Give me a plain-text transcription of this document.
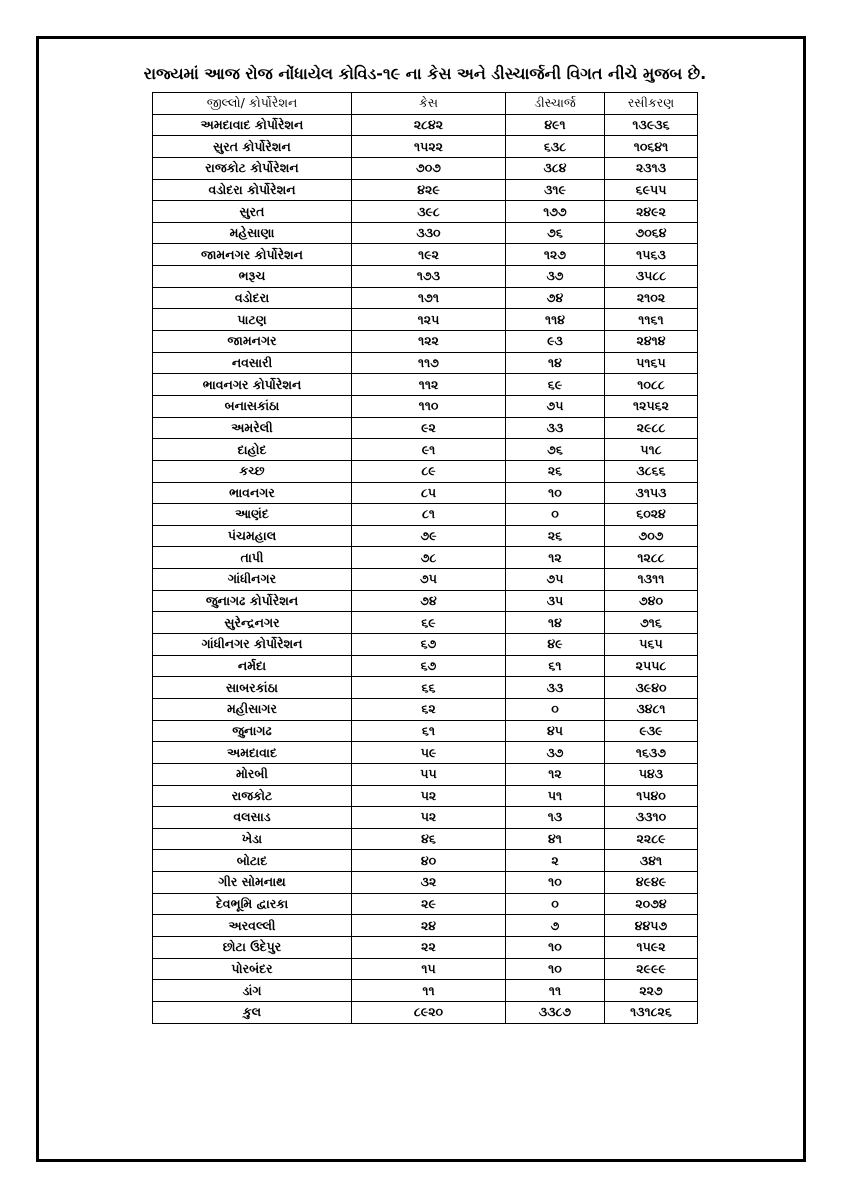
રાજ્યમાં આજ રોજ નોંધાયેલ કોવિડ-૧૯ ના કેસ અને ડીસ્ચાર્જની વિગત નીચે મુજબ છે.
જીલ્લો/ કોર્પોરેશન	કેસ	ડીસ્ચાર્જ	રસીકરણ
અમદાવાદ કોર્પોરેશન	૨૮૪૨	૪૯૧	૧૩૯૩૬
સુરત કોર્પોરેશન	૧૫૨૨	૬૩૮	૧૦૬૪૧
રાજકોટ કોર્પોરેશન	૭૦૭	૩૮૪	૨૩૧૩
વડોદરા કોર્પોરેશન	૪૨૯	૩૧૯	૬૯૫૫
સુરત	૩૯૮	૧૭૭	૨૪૯૨
મહેસાણા	૩૩૦	૭૬	૭૦૬૪
જામનગર કોર્પોરેશન	૧૯૨	૧૨૭	૧૫૬૩
ભરૂચ	૧૭૩	૩૭	૩૫૮૮
વડોદરા	૧૭૧	૭૪	૨૧૦૨
પાટણ	૧૨૫	૧૧૪	૧૧૬૧
જામનગર	૧૨૨	૯૩	૨૪૧૪
નવસારી	૧૧૭	૧૪	૫૧૬૫
ભાવનગર કોર્પોરેશન	૧૧૨	૬૯	૧૦૮૮
બનાસકાંઠા	૧૧૦	૭૫	૧૨૫૬૨
અમરેલી	૯૨	૩૩	૨૯૮૮
દાહોદ	૯૧	૭૬	૫૧૮
કચ્છ	૮૯	૨૬	૩૮૬૬
ભાવનગર	૮૫	૧૦	૩૧૫૩
આણંદ	૮૧	૦	૬૦૨૪
પંચમહાલ	૭૯	૨૬	૭૦૭
તાપી	૭૮	૧૨	૧૨૮૮
ગાંધીનગર	૭૫	૭૫	૧૩૧૧
જુનાગઢ કોર્પોરેશન	૭૪	૩૫	૭૪૦
સુરેન્દ્રનગર	૬૯	૧૪	૭૧૬
ગાંધીનગર કોર્પોરેશન	૬૭	૪૯	૫૬૫
નર્મદા	૬૭	૬૧	૨૫૫૮
સાબરકાંઠા	૬૬	૩૩	૩૯૪૦
મહીસાગર	૬૨	૦	૩૪૮૧
જુનાગઢ	૬૧	૪૫	૯૩૯
અમદાવાદ	૫૯	૩૭	૧૬૩૭
મોરબી	૫૫	૧૨	૫૪૩
રાજકોટ	૫૨	૫૧	૧૫૪૦
વલસાડ	૫૨	૧૩	૩૩૧૦
ખેડા	૪૬	૪૧	૨૨૮૯
બોટાદ	૪૦	૨	૩૪૧
ગીર સોમનાથ	૩૨	૧૦	૪૯૪૯
દેવભૂમિ દ્વારકા	૨૯	૦	૨૦૭૪
અરવલ્લી	૨૪	૭	૪૪૫૭
છોટા ઉદેપુર	૨૨	૧૦	૧૫૯૨
પોરબંદર	૧૫	૧૦	૨૯૯૯
ડાંગ	૧૧	૧૧	૨૨૭
કુલ	૮૯૨૦	૩૩૮૭	૧૩૧૮૨૬
